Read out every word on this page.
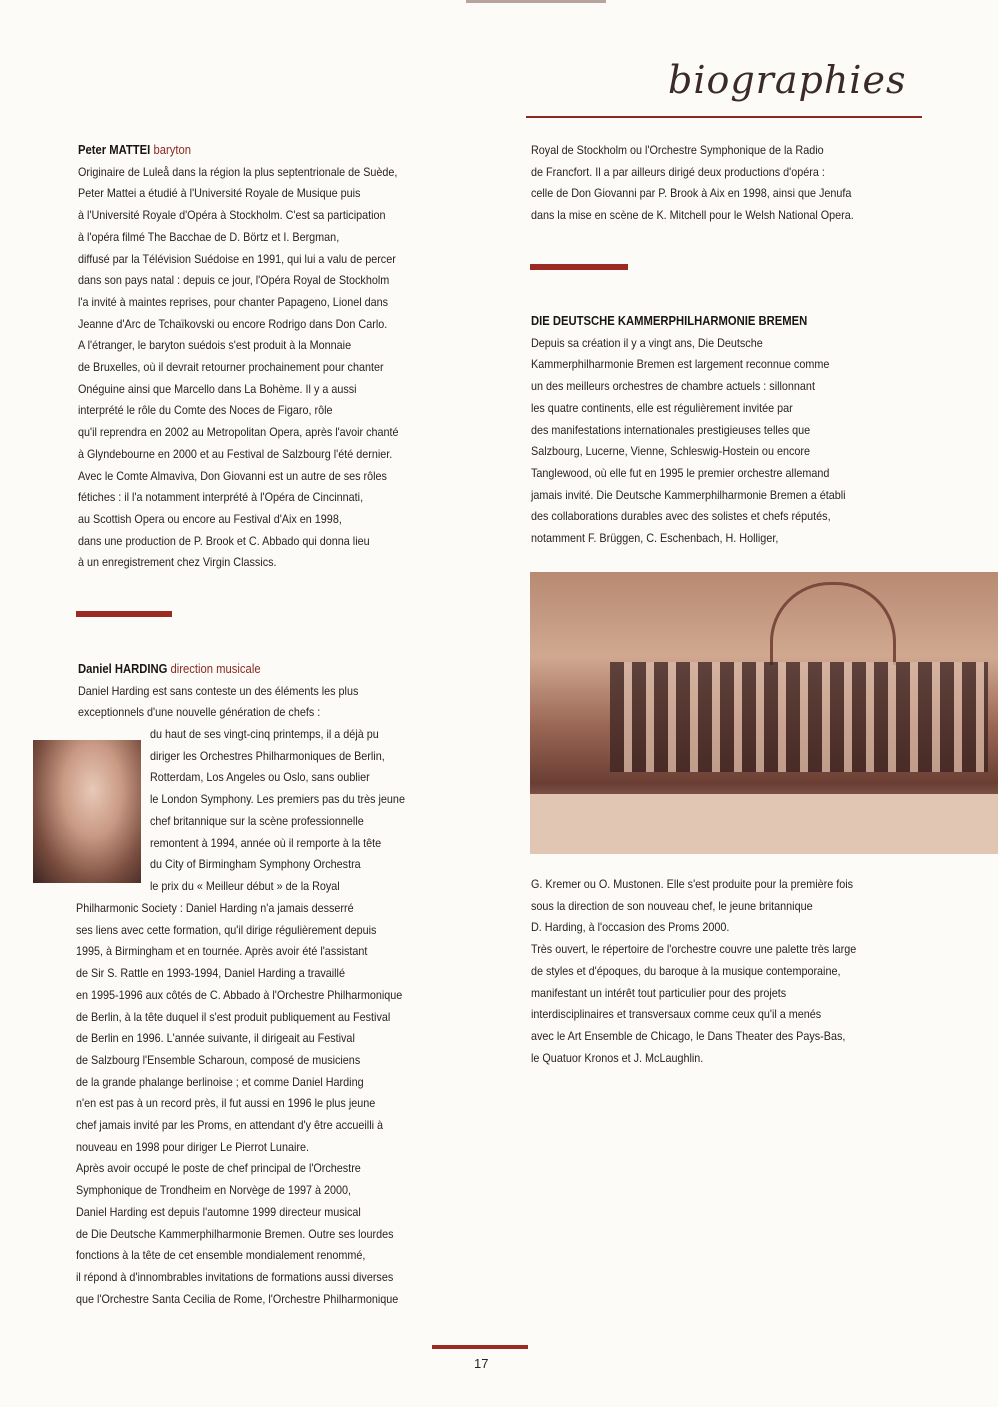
biographies
Peter MATTEI baryton
Originaire de Luleå dans la région la plus septentrionale de Suède,
Peter Mattei a étudié à l'Université Royale de Musique puis
à l'Université Royale d'Opéra à Stockholm. C'est sa participation
à l'opéra filmé The Bacchae de D. Börtz et I. Bergman,
diffusé par la Télévision Suédoise en 1991, qui lui a valu de percer
dans son pays natal : depuis ce jour, l'Opéra Royal de Stockholm
l'a invité à maintes reprises, pour chanter Papageno, Lionel dans
Jeanne d'Arc de Tchaïkovski ou encore Rodrigo dans Don Carlo.
A l'étranger, le baryton suédois s'est produit à la Monnaie
de Bruxelles, où il devrait retourner prochainement pour chanter
Onéguine ainsi que Marcello dans La Bohème. Il y a aussi
interprété le rôle du Comte des Noces de Figaro, rôle
qu'il reprendra en 2002 au Metropolitan Opera, après l'avoir chanté
à Glyndebourne en 2000 et au Festival de Salzbourg l'été dernier.
Avec le Comte Almaviva, Don Giovanni est un autre de ses rôles
fétiches : il l'a notamment interprété à l'Opéra de Cincinnati,
au Scottish Opera ou encore au Festival d'Aix en 1998,
dans une production de P. Brook et C. Abbado qui donna lieu
à un enregistrement chez Virgin Classics.
Daniel HARDING direction musicale
Daniel Harding est sans conteste un des éléments les plus
exceptionnels d'une nouvelle génération de chefs :
du haut de ses vingt-cinq printemps, il a déjà pu
diriger les Orchestres Philharmoniques de Berlin,
Rotterdam, Los Angeles ou Oslo, sans oublier
le London Symphony. Les premiers pas du très jeune
chef britannique sur la scène professionnelle
remontent à 1994, année où il remporte à la tête
du City of Birmingham Symphony Orchestra
le prix du « Meilleur début » de la Royal
Philharmonic Society : Daniel Harding n'a jamais desserré
ses liens avec cette formation, qu'il dirige régulièrement depuis
1995, à Birmingham et en tournée. Après avoir été l'assistant
de Sir S. Rattle en 1993-1994, Daniel Harding a travaillé
en 1995-1996 aux côtés de C. Abbado à l'Orchestre Philharmonique
de Berlin, à la tête duquel il s'est produit publiquement au Festival
de Berlin en 1996. L'année suivante, il dirigeait au Festival
de Salzbourg l'Ensemble Scharoun, composé de musiciens
de la grande phalange berlinoise ; et comme Daniel Harding
n'en est pas à un record près, il fut aussi en 1996 le plus jeune
chef jamais invité par les Proms, en attendant d'y être accueilli à
nouveau en 1998 pour diriger Le Pierrot Lunaire.
Après avoir occupé le poste de chef principal de l'Orchestre
Symphonique de Trondheim en Norvège de 1997 à 2000,
Daniel Harding est depuis l'automne 1999 directeur musical
de Die Deutsche Kammerphilharmonie Bremen. Outre ses lourdes
fonctions à la tête de cet ensemble mondialement renommé,
il répond à d'innombrables invitations de formations aussi diverses
que l'Orchestre Santa Cecilia de Rome, l'Orchestre Philharmonique
Royal de Stockholm ou l'Orchestre Symphonique de la Radio
de Francfort. Il a par ailleurs dirigé deux productions d'opéra :
celle de Don Giovanni par P. Brook à Aix en 1998, ainsi que Jenufa
dans la mise en scène de K. Mitchell pour le Welsh National Opera.
DIE DEUTSCHE KAMMERPHILHARMONIE BREMEN
Depuis sa création il y a vingt ans, Die Deutsche
Kammerphilharmonie Bremen est largement reconnue comme
un des meilleurs orchestres de chambre actuels : sillonnant
les quatre continents, elle est régulièrement invitée par
des manifestations internationales prestigieuses telles que
Salzbourg, Lucerne, Vienne, Schleswig-Hostein ou encore
Tanglewood, où elle fut en 1995 le premier orchestre allemand
jamais invité. Die Deutsche Kammerphilharmonie Bremen a établi
des collaborations durables avec des solistes et chefs réputés,
notamment F. Brüggen, C. Eschenbach, H. Holliger,
G. Kremer ou O. Mustonen. Elle s'est produite pour la première fois
sous la direction de son nouveau chef, le jeune britannique
D. Harding, à l'occasion des Proms 2000.
Très ouvert, le répertoire de l'orchestre couvre une palette très large
de styles et d'époques, du baroque à la musique contemporaine,
manifestant un intérêt tout particulier pour des projets
interdisciplinaires et transversaux comme ceux qu'il a menés
avec le Art Ensemble de Chicago, le Dans Theater des Pays-Bas,
le Quatuor Kronos et J. McLaughlin.
17
